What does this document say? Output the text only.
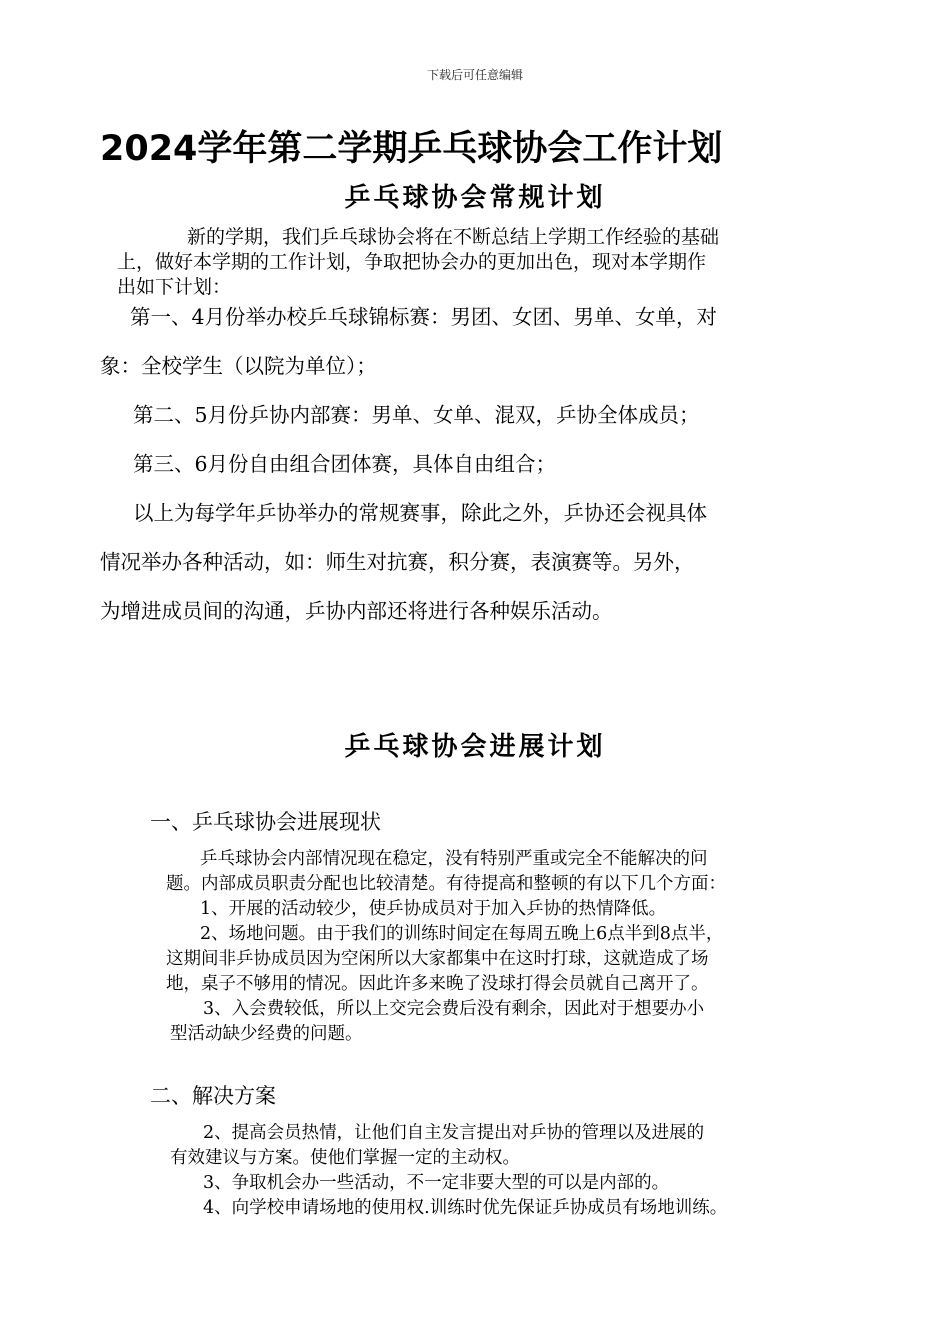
下载后可任意编辑
2024学年第二学期乒乓球协会工作计划
乒乓球协会常规计划
新的学期，我们乒乓球协会将在不断总结上学期工作经验的基础
上，做好本学期的工作计划，争取把协会办的更加出色，现对本学期作
出如下计划：
第一、4月份举办校乒乓球锦标赛：男团、女团、男单、女单，对
象：全校学生（以院为单位）；
第二、5月份乒协内部赛：男单、女单、混双，乒协全体成员；
第三、6月份自由组合团体赛，具体自由组合；
以上为每学年乒协举办的常规赛事，除此之外，乒协还会视具体
情况举办各种活动，如：师生对抗赛，积分赛，表演赛等。另外，
为增进成员间的沟通，乒协内部还将进行各种娱乐活动。
乒乓球协会进展计划
一、乒乓球协会进展现状
乒乓球协会内部情况现在稳定，没有特别严重或完全不能解决的问
题。内部成员职责分配也比较清楚。有待提高和整顿的有以下几个方面：
1、开展的活动较少，使乒协成员对于加入乒协的热情降低。
2、场地问题。由于我们的训练时间定在每周五晚上6点半到8点半，
这期间非乒协成员因为空闲所以大家都集中在这时打球，这就造成了场
地，桌子不够用的情况。因此许多来晚了没球打得会员就自己离开了。
3、入会费较低，所以上交完会费后没有剩余，因此对于想要办小
型活动缺少经费的问题。
二、解决方案
2、提高会员热情，让他们自主发言提出对乒协的管理以及进展的
有效建议与方案。使他们掌握一定的主动权。
3、争取机会办一些活动，不一定非要大型的可以是内部的。
4、向学校申请场地的使用权.训练时优先保证乒协成员有场地训练。
